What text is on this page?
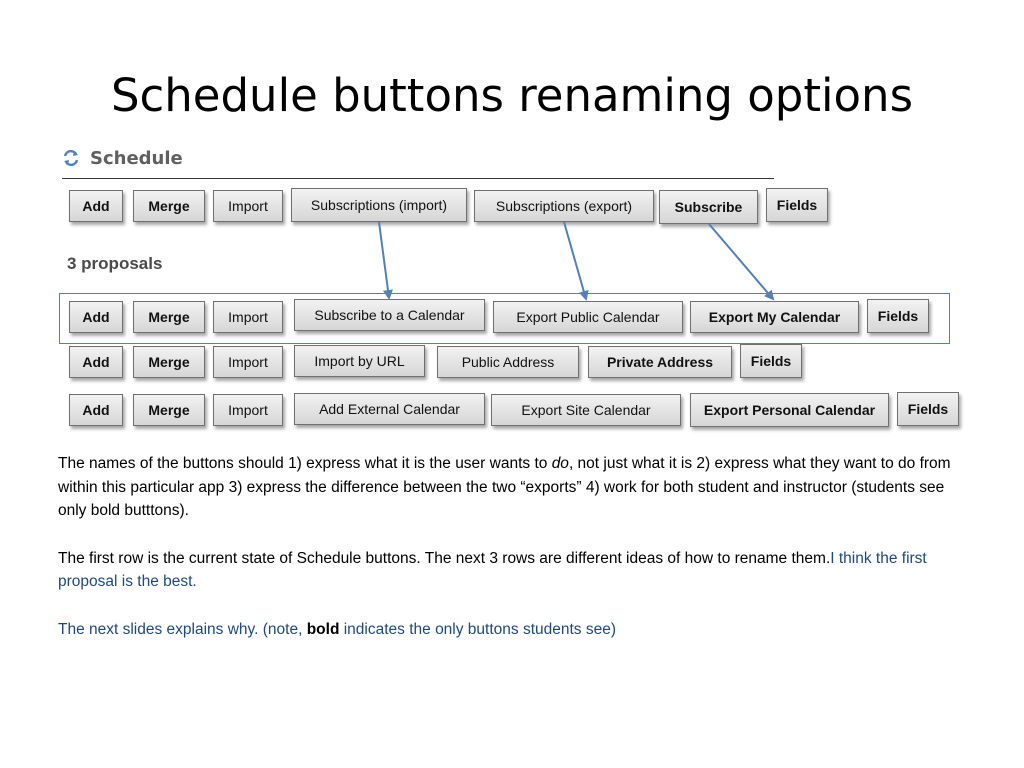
Schedule buttons renaming options
Schedule
Add	Merge	Import	Subscriptions (import)	Subscriptions (export)	Subscribe	Fields
3 proposals
Add	Merge	Import	Subscribe to a Calendar	Export Public Calendar	Export My Calendar	Fields
Add	Merge	Import	Import by URL	Public Address	Private Address	Fields
Add	Merge	Import	Add External Calendar	Export Site Calendar	Export Personal Calendar	Fields

The names of the buttons should 1) express what it is the user wants to do, not just what it is 2) express what they want to do from within this particular app 3) express the difference between the two “exports” 4) work for both student and instructor (students see only bold butttons).

The first row is the current state of Schedule buttons. The next 3 rows are different ideas of how to rename them.I think the first proposal is the best.

The next slides explains why. (note, bold indicates the only buttons students see)
